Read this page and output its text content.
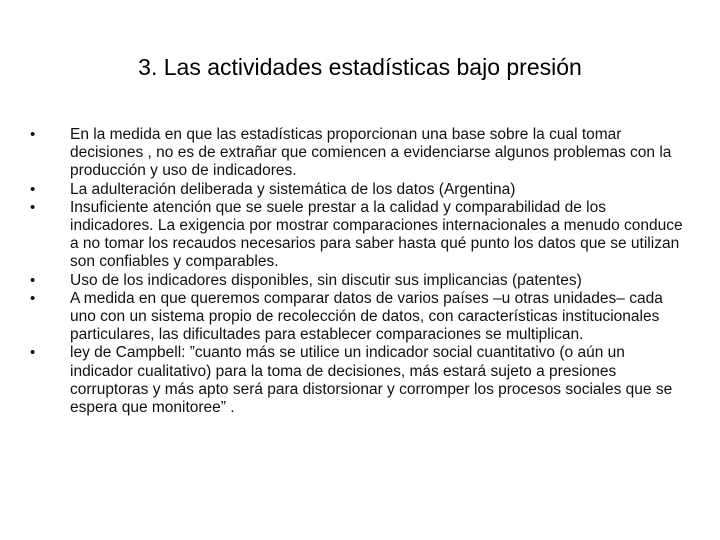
3. Las actividades estadísticas bajo presión
• En la medida en que las estadísticas proporcionan una base sobre la cual tomar decisiones , no es de extrañar que comiencen a evidenciarse algunos problemas con la producción y uso de indicadores.
• La adulteración deliberada y sistemática de los datos (Argentina)
• Insuficiente atención que se suele prestar a la calidad y comparabilidad de los indicadores. La exigencia por mostrar comparaciones internacionales a menudo conduce a no tomar los recaudos necesarios para saber hasta qué punto los datos que se utilizan son confiables y comparables.
• Uso de los indicadores disponibles, sin discutir sus implicancias (patentes)
• A medida en que queremos comparar datos de varios países –u otras unidades– cada uno con un sistema propio de recolección de datos, con características institucionales particulares, las dificultades para establecer comparaciones se multiplican.
• ley de Campbell: ”cuanto más se utilice un indicador social cuantitativo (o aún un indicador cualitativo) para la toma de decisiones, más estará sujeto a presiones corruptoras y más apto será para distorsionar y corromper los procesos sociales que se espera que monitoree” .
